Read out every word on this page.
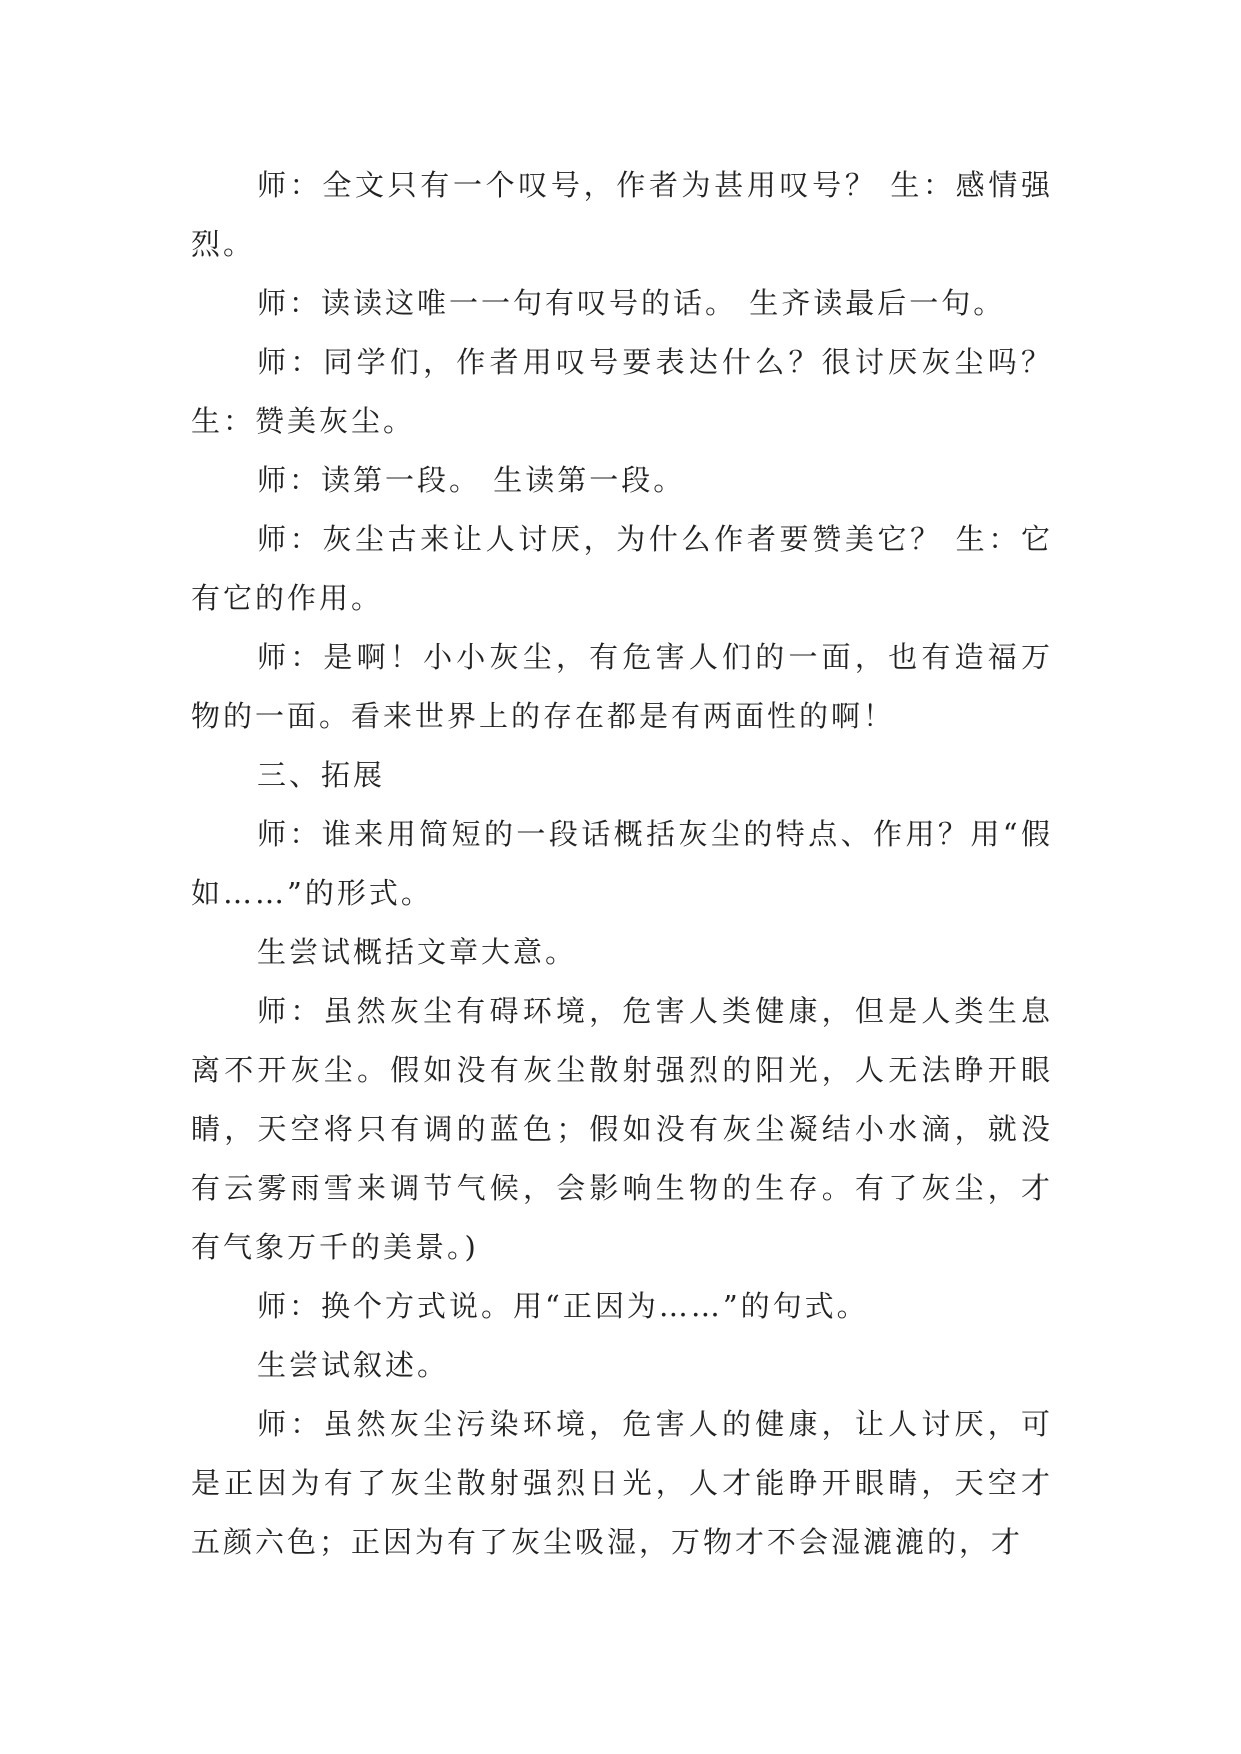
师：全文只有一个叹号，作者为甚用叹号？ 生：感情强烈。

师：读读这唯一一句有叹号的话。 生齐读最后一句。

师：同学们，作者用叹号要表达什么？很讨厌灰尘吗？生：赞美灰尘。

师：读第一段。 生读第一段。

师：灰尘古来让人讨厌，为什么作者要赞美它？ 生：它有它的作用。

师：是啊！小小灰尘，有危害人们的一面，也有造福万物的一面。看来世界上的存在都是有两面性的啊！

三、拓展

师：谁来用简短的一段话概括灰尘的特点、作用？用“假如……”的形式。

生尝试概括文章大意。

师：虽然灰尘有碍环境，危害人类健康，但是人类生息离不开灰尘。假如没有灰尘散射强烈的阳光，人无法睁开眼睛，天空将只有调的蓝色；假如没有灰尘凝结小水滴，就没有云雾雨雪来调节气候，会影响生物的生存。有了灰尘，才有气象万千的美景。)

师：换个方式说。用“正因为……”的句式。

生尝试叙述。

师：虽然灰尘污染环境，危害人的健康，让人讨厌，可是正因为有了灰尘散射强烈日光，人才能睁开眼睛，天空才五颜六色；正因为有了灰尘吸湿，万物才不会湿漉漉的，才
